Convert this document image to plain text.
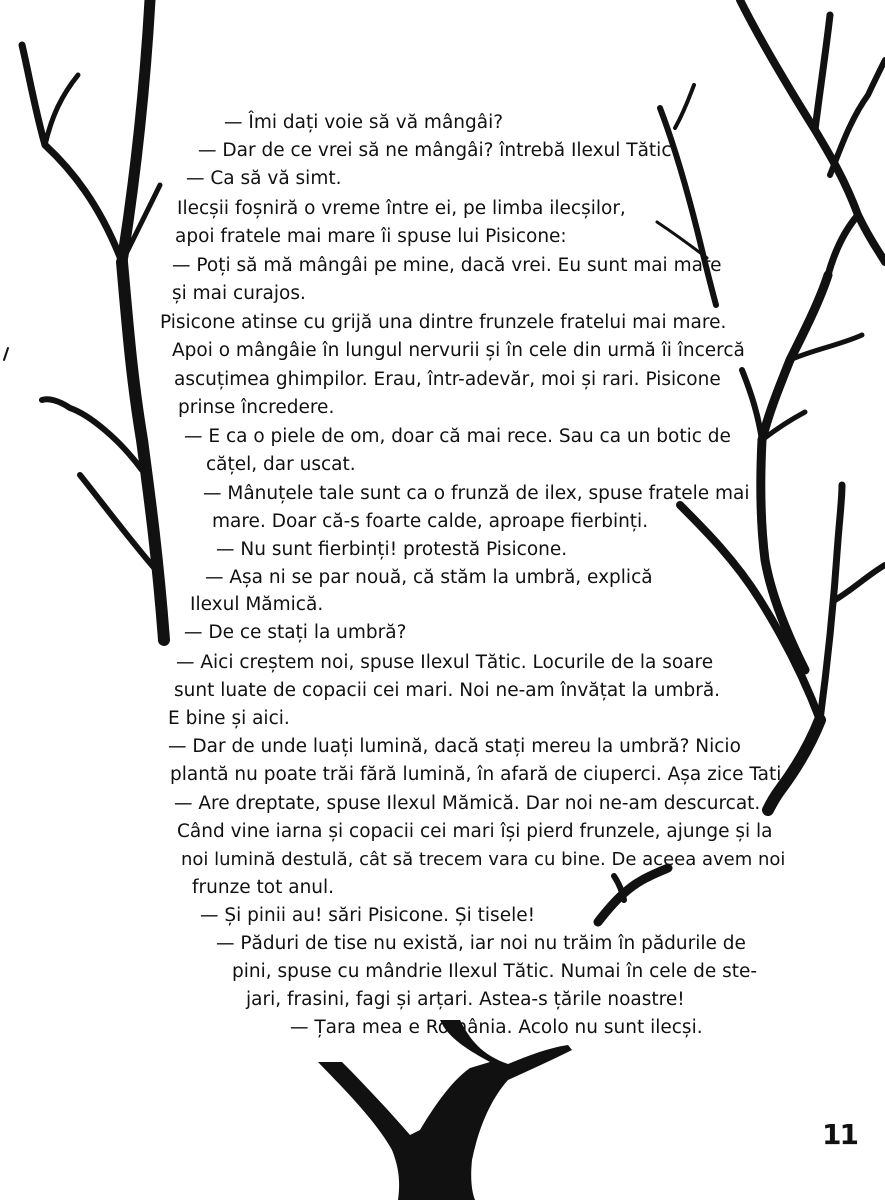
— Îmi dați voie să vă mângâi?
— Dar de ce vrei să ne mângâi? întrebă Ilexul Tătic.
— Ca să vă simt.
Ilecșii foșniră o vreme între ei, pe limba ilecșilor,
apoi fratele mai mare îi spuse lui Pisicone:
— Poți să mă mângâi pe mine, dacă vrei. Eu sunt mai mare
și mai curajos.
Pisicone atinse cu grijă una dintre frunzele fratelui mai mare.
Apoi o mângâie în lungul nervurii și în cele din urmă îi încercă
ascuțimea ghimpilor. Erau, într-adevăr, moi și rari. Pisicone
prinse încredere.
— E ca o piele de om, doar că mai rece. Sau ca un botic de
cățel, dar uscat.
— Mânuțele tale sunt ca o frunză de ilex, spuse fratele mai
mare. Doar că-s foarte calde, aproape fierbinți.
— Nu sunt fierbinți! protestă Pisicone.
— Așa ni se par nouă, că stăm la umbră, explică
Ilexul Mămică.
— De ce stați la umbră?
— Aici creștem noi, spuse Ilexul Tătic. Locurile de la soare
sunt luate de copacii cei mari. Noi ne-am învățat la umbră.
E bine și aici.
— Dar de unde luați lumină, dacă stați mereu la umbră? Nicio
plantă nu poate trăi fără lumină, în afară de ciuperci. Așa zice Tati.
— Are dreptate, spuse Ilexul Mămică. Dar noi ne-am descurcat.
Când vine iarna și copacii cei mari își pierd frunzele, ajunge și la
noi lumină destulă, cât să trecem vara cu bine. De aceea avem noi
frunze tot anul.
— Și pinii au! sări Pisicone. Și tisele!
— Păduri de tise nu există, iar noi nu trăim în pădurile de
pini, spuse cu mândrie Ilexul Tătic. Numai în cele de ste-
jari, frasini, fagi și arțari. Astea-s țările noastre!
— Țara mea e România. Acolo nu sunt ilecși.
11
